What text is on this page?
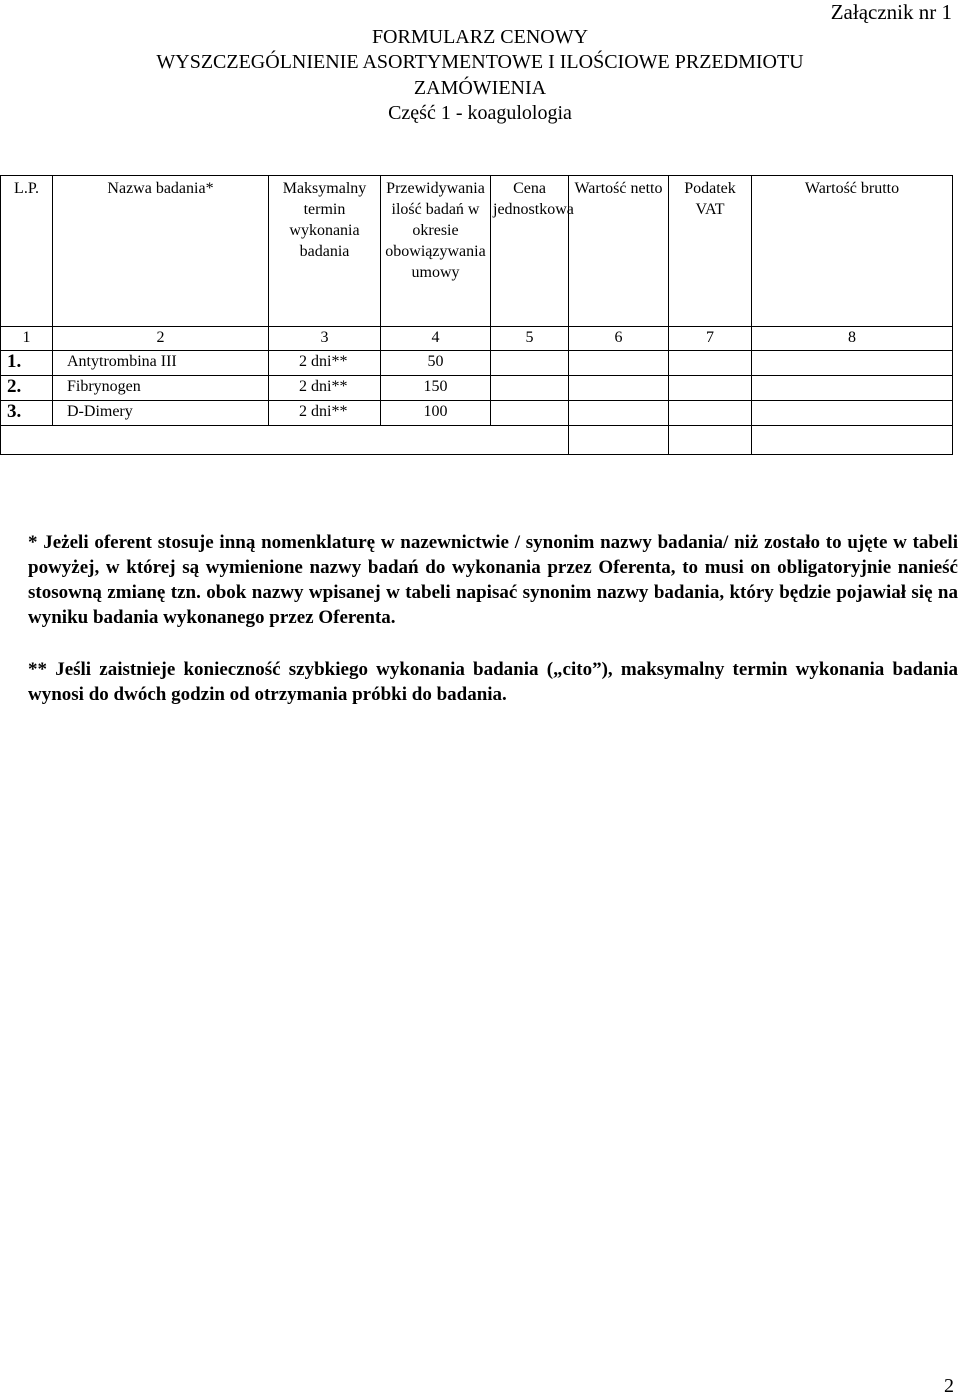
Załącznik nr 1
FORMULARZ CENOWY
WYSZCZEGÓLNIENIE ASORTYMENTOWE I ILOŚCIOWE PRZEDMIOTU
ZAMÓWIENIA
Część 1 - koagulologia
L.P.	Nazwa badania*	Maksymalny termin wykonania badania	Przewidywania ilość badań w okresie obowiązywania umowy	Cena jednostkowa	Wartość netto	Podatek VAT	Wartość brutto
1	2	3	4	5	6	7	8
1.	Antytrombina III	2 dni**	50				
2.	Fibrynogen	2 dni**	150				
3.	D-Dimery	2 dni**	100				

* Jeżeli oferent stosuje inną nomenklaturę w nazewnictwie / synonim nazwy badania/ niż zostało to ujęte w tabeli powyżej, w której są wymienione nazwy badań do wykonania przez Oferenta, to musi on obligatoryjnie nanieść stosowną zmianę tzn. obok nazwy wpisanej w tabeli napisać synonim nazwy badania, który będzie pojawiał się na wyniku badania wykonanego przez Oferenta.

** Jeśli zaistnieje konieczność szybkiego wykonania badania („cito”), maksymalny termin wykonania badania wynosi do dwóch godzin od otrzymania próbki do badania.

2
